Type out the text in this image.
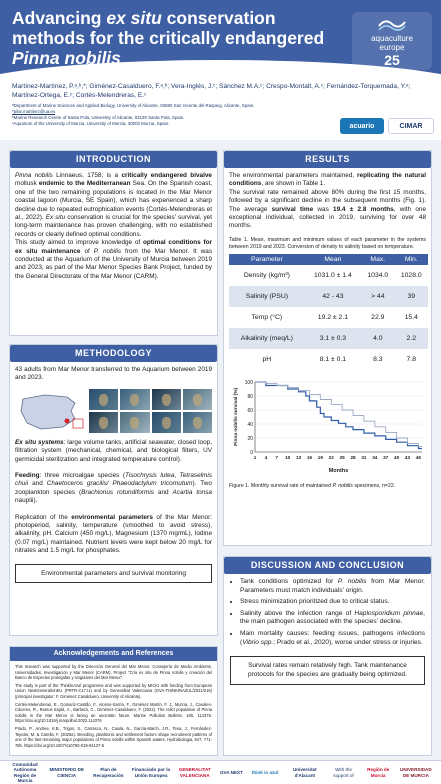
Advancing ex situ conservation methods for the critically endangered Pinna nobilis
aquaculture
europe
25
Martínez-Martínez, P.ᵃ,ᵇ,*; Giménez-Casalduero, F.ᵃ,ᵇ; Vera-Inglés, J.ᶜ; Sánchez M.A.ᶜ; Crespo-Montalt, A.ᶜ; Fernández-Torquemada, Y.ᵃ; Martínez-Ortega, E.ᶜ; Cortés-Melendreras, E.ᶜ
ᵃDepartment of Marine Sciences and Applied Biology, University of Alicante, 03690 San Vicente del Raspeig, Alicante, Spain.
*pilar.martinez@ua.es
ᵇMarine Research Centre of Santa Pola, University of Alicante, 03130 Santa Pola, Spain.
ᶜAquarium of the University of Murcia, University of Murcia, 30002 Murcia, Spain.	acuario	CIMAR
INTRODUCTION

Pinna nobilis Linnaeus, 1758, is a critically endangered bivalve mollusk endemic to the Mediterranean Sea. On the Spanish coast, one of the two remaining populations is located in the Mar Menor coastal lagoon (Murcia, SE Spain), which has experienced a sharp decline due to repeated eutrophication events (Cortés-Melendreras et al., 2022). Ex situ conservation is crucial for the species' survival, yet long-term maintenance has proven challenging, with no established records or clearly defined optimal conditions.

This study aimed to improve knowledge of optimal conditions for ex situ maintenance of P. nobilis from the Mar Menor. It was conducted at the Aquarium of the University of Murcia between 2019 and 2023, as part of the Mar Menor Species Bank Project, funded by the General Directorate of the Mar Menor (CARM).

METHODOLOGY
43 adults from Mar Menor transferred to the Aquarium between 2019 and 2023.
Ex situ systems: large volume tanks, artificial seawater, closed loop, filtration system (mechanical, chemical, and biological filters, UV germicidal sterilization and integrated temperature control).
Feeding: three microalgae species (Tisochrysis lutea, Tetraselmis chuii and Chaetoceros gracilis/ Phaeodactylum tricornutum). Two zooplankton species (Brachionus rotundiformis and Acartia tonsa nauplii).
Replication of the environmental parameters of the Mar Menor: photoperiod, salinity, temperature (smoothed to avoid stress), alkalinity, pH. Calcium (450 mg/L), Magnesium (1370 mg/mL), Iodine (0.07 mg/L) maintained. Nutrient levels were kept below 20 mg/L for nitrates and 1.5 mg/L for phosphates.
Environmental parameters and survival monitoring
Acknowledgements and References

This research was supported by the Dirección General del Mar Menor, Consejería de Medio Ambiente, Universidades, Investigación y Mar Menor (CARM), Project "Cría ex situ de Pinna nobilis y creación del Banco de Especies protegidas y singulares del Mar Menor".

The study is part of the ThinkInAzul programme and was supported by MICIU with funding from European Union NextGenerationEU (PRTR-C17.I1) and by Generalitat Valenciana (GVA-THINKINAZUL/2021/016) (principal investigator: F. Giménez Casalduero, University of Alicante).

Cortés-Melendreras, E., Gomariz-Castillo, F., Alonso-Sarría, F., Giménez Martín, F. J., Murcia, J., Canales-Cáceres, R., Ramos Esplá, A., Barberá, C., Giménez-Casalduero, F. (2022). The relict population of Pinna nobilis in the Mar Menor is facing an uncertain future. Marine Pollution Bulletin, 185, 114376. https://doi.org/10.1016/j.marpolbul.2022.114376

Prado, P., Andree, K.B., Trigos, S., Carrasco, N., Caiola, N., García-March, J.R., Tena, J., Fernández-Tejedor, M. & Carella, F. (2020a). Breeding, planktonic and settlement factors shape recruitment patterns of one of the last remaining major populations of Pinna nobilis within Spanish waters. Hydrobiologia, 847, 771-786. https://doi.org/10.1007/s10750-019-04137-5

RESULTS

The environmental parameters maintained, replicating the natural conditions, are shown in Table 1.

The survival rate remained above 80% during the first 15 months, followed by a significant decline in the subsequent months (Fig. 1). The average survival time was 19.4 ± 2.8 months, with one exceptional individual, collected in 2019, surviving for over 48 months.

Table 1. Mean, maximum and minimum values of each parameter in the systems between 2019 and 2023. Conversion of density to salinity based on temperature.
Parameter	Mean	Max.	Min.
Density (kg/m³)	1031.0 ± 1.4	1034.0	1028.0
Salinity (PSU)	42 - 43	> 44	39
Temp (°C)	19.2 ± 2.1	22.9	15.4
Alkalinity (meq/L)	3.1 ± 0.3	4.0	2.2
pH	8.1 ± 0.1	8.3	7.8
0
20
40
60
80
100
1 4 7 10 13 16 19 22 25 28 31 34 37 40 43 46
Months
Pinna nobilis survival (%)
Figure 1. Monthly survival rate of maintained P. nobilis specimens, n=22.
DISCUSSION AND CONCLUSION
• Tank conditions optimized for P. nobilis from Mar Menor. Parameters must match individuals' origin.
• Stress minimization prioritized due to critical status.
• Salinity above the infection range of Haplosporidium pinnae, the main pathogen associated with the species' decline.
• Main mortality causes: feeding issues, pathogens infections (Vibrio spp.; Prado et al., 2020), worse under stress or injuries.
Survival rates remain relatively high. Tank maintenance protocols for the species are gradually being optimized.
Comunidad Autónoma Región de Murcia
MINISTERIO DE CIENCIA
Plan de Recuperación
Financiado por la Unión Europea
GENERALITAT VALENCIANA
GVA NEXT	think in azul
Universitat d'Alacant
With the support of
Región de Murcia
UNIVERSIDAD DE MURCIA
